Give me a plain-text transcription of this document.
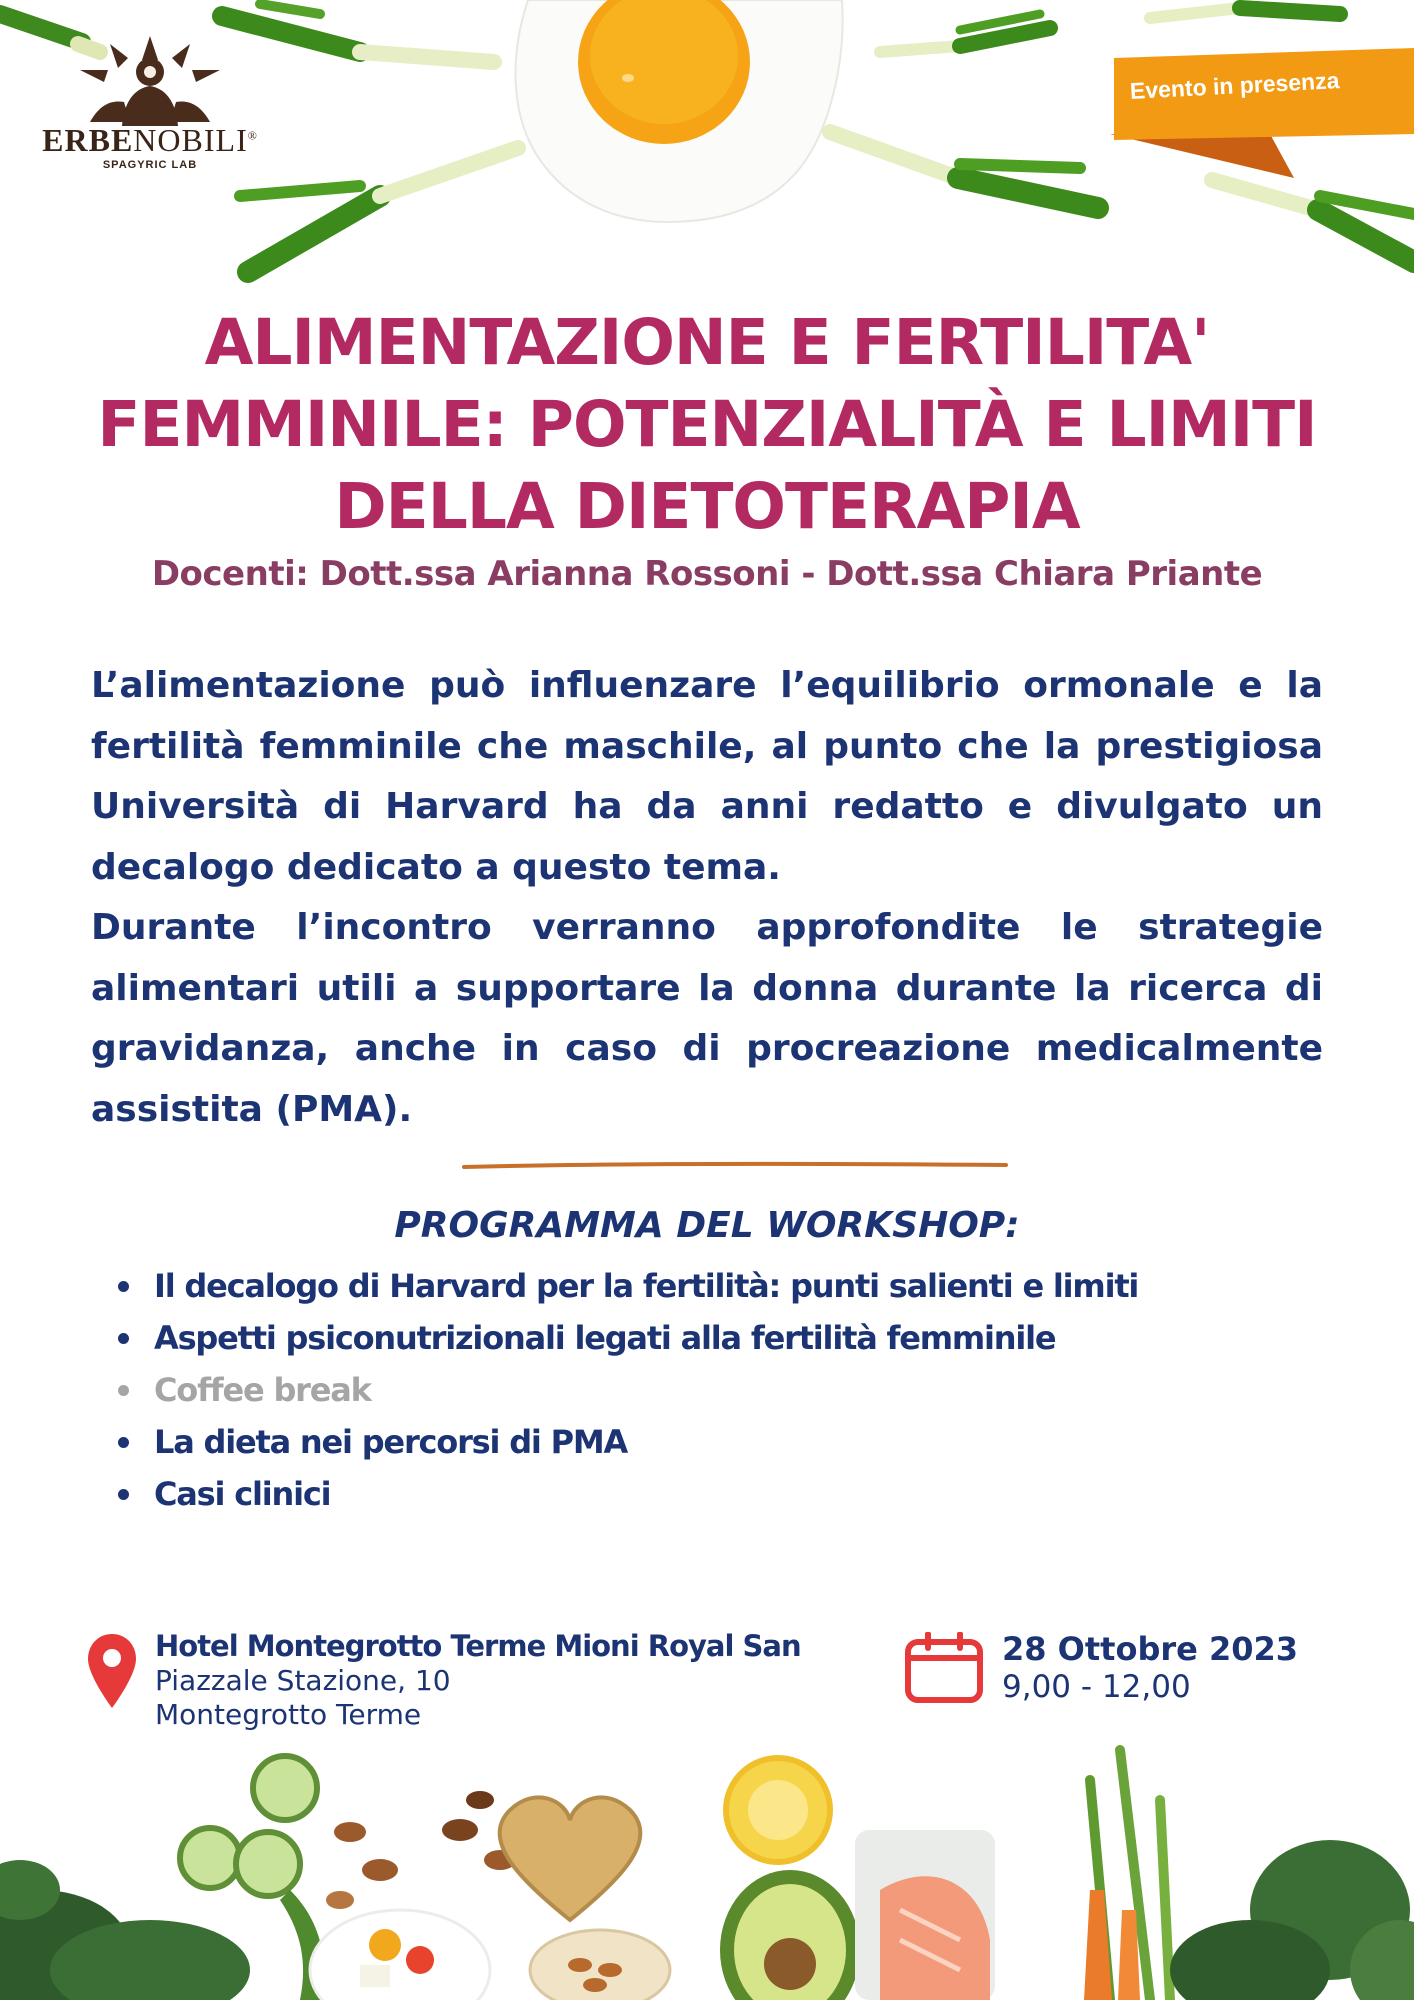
ERBENOBILI®
SPAGYRIC LAB
Evento in presenza
ALIMENTAZIONE E FERTILITA'
FEMMINILE: POTENZIALITÀ E LIMITI
DELLA DIETOTERAPIA
Docenti: Dott.ssa Arianna Rossoni - Dott.ssa Chiara Priante

L’alimentazione può influenzare l’equilibrio ormonale e la fertilità femminile che maschile, al punto che la prestigiosa Università di Harvard ha da anni redatto e divulgato un decalogo dedicato a questo tema.

Durante l’incontro verranno approfondite le strategie alimentari utili a supportare la donna durante la ricerca di gravidanza, anche in caso di procreazione medicalmente assistita (PMA).

PROGRAMMA DEL WORKSHOP:
Il decalogo di Harvard per la fertilità: punti salienti e limiti
Aspetti psiconutrizionali legati alla fertilità femminile
Coffee break
La dieta nei percorsi di PMA
Casi clinici
Hotel Montegrotto Terme Mioni Royal San
Piazzale Stazione, 10
Montegrotto Terme
28 Ottobre 2023
9,00 - 12,00
